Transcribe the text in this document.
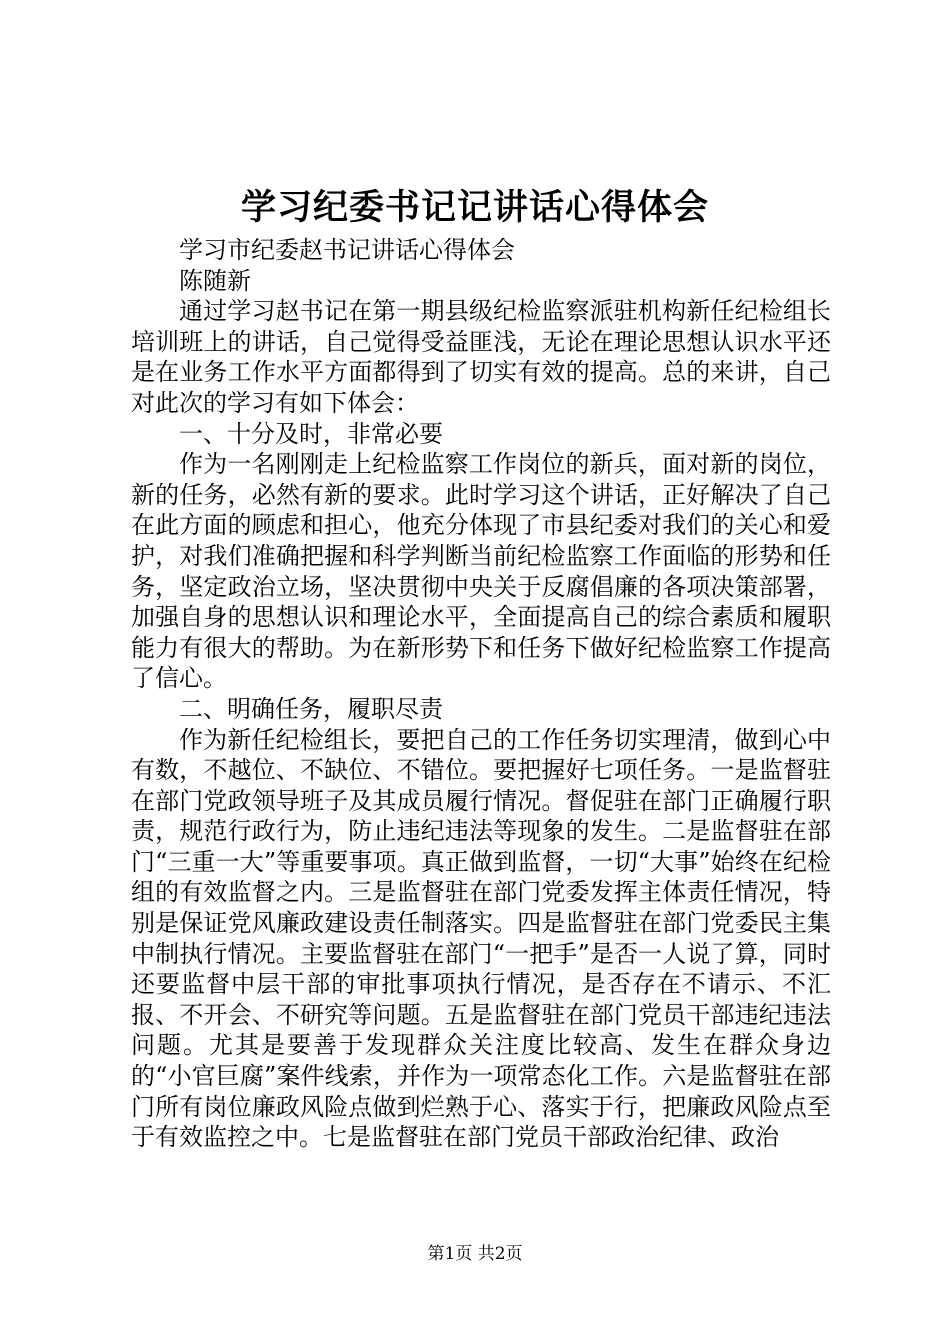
学习纪委书记记讲话心得体会

学习市纪委赵书记讲话心得体会

陈随新

通过学习赵书记在第一期县级纪检监察派驻机构新任纪检组长培训班上的讲话，自己觉得受益匪浅，无论在理论思想认识水平还是在业务工作水平方面都得到了切实有效的提高。总的来讲，自己对此次的学习有如下体会：

一、十分及时，非常必要

作为一名刚刚走上纪检监察工作岗位的新兵，面对新的岗位，新的任务，必然有新的要求。此时学习这个讲话，正好解决了自己在此方面的顾虑和担心，他充分体现了市县纪委对我们的关心和爱护，对我们准确把握和科学判断当前纪检监察工作面临的形势和任务，坚定政治立场，坚决贯彻中央关于反腐倡廉的各项决策部署，加强自身的思想认识和理论水平，全面提高自己的综合素质和履职能力有很大的帮助。为在新形势下和任务下做好纪检监察工作提高了信心。

二、明确任务，履职尽责

作为新任纪检组长，要把自己的工作任务切实理清，做到心中有数，不越位、不缺位、不错位。要把握好七项任务。一是监督驻在部门党政领导班子及其成员履行情况。督促驻在部门正确履行职责，规范行政行为，防止违纪违法等现象的发生。二是监督驻在部门“三重一大”等重要事项。真正做到监督，一切“大事”始终在纪检组的有效监督之内。三是监督驻在部门党委发挥主体责任情况，特别是保证党风廉政建设责任制落实。四是监督驻在部门党委民主集中制执行情况。主要监督驻在部门“一把手”是否一人说了算，同时还要监督中层干部的审批事项执行情况，是否存在不请示、不汇报、不开会、不研究等问题。五是监督驻在部门党员干部违纪违法问题。尤其是要善于发现群众关注度比较高、发生在群众身边的“小官巨腐”案件线索，并作为一项常态化工作。六是监督驻在部门所有岗位廉政风险点做到烂熟于心、落实于行，把廉政风险点至于有效监控之中。七是监督驻在部门党员干部政治纪律、政治

第1页 共2页
